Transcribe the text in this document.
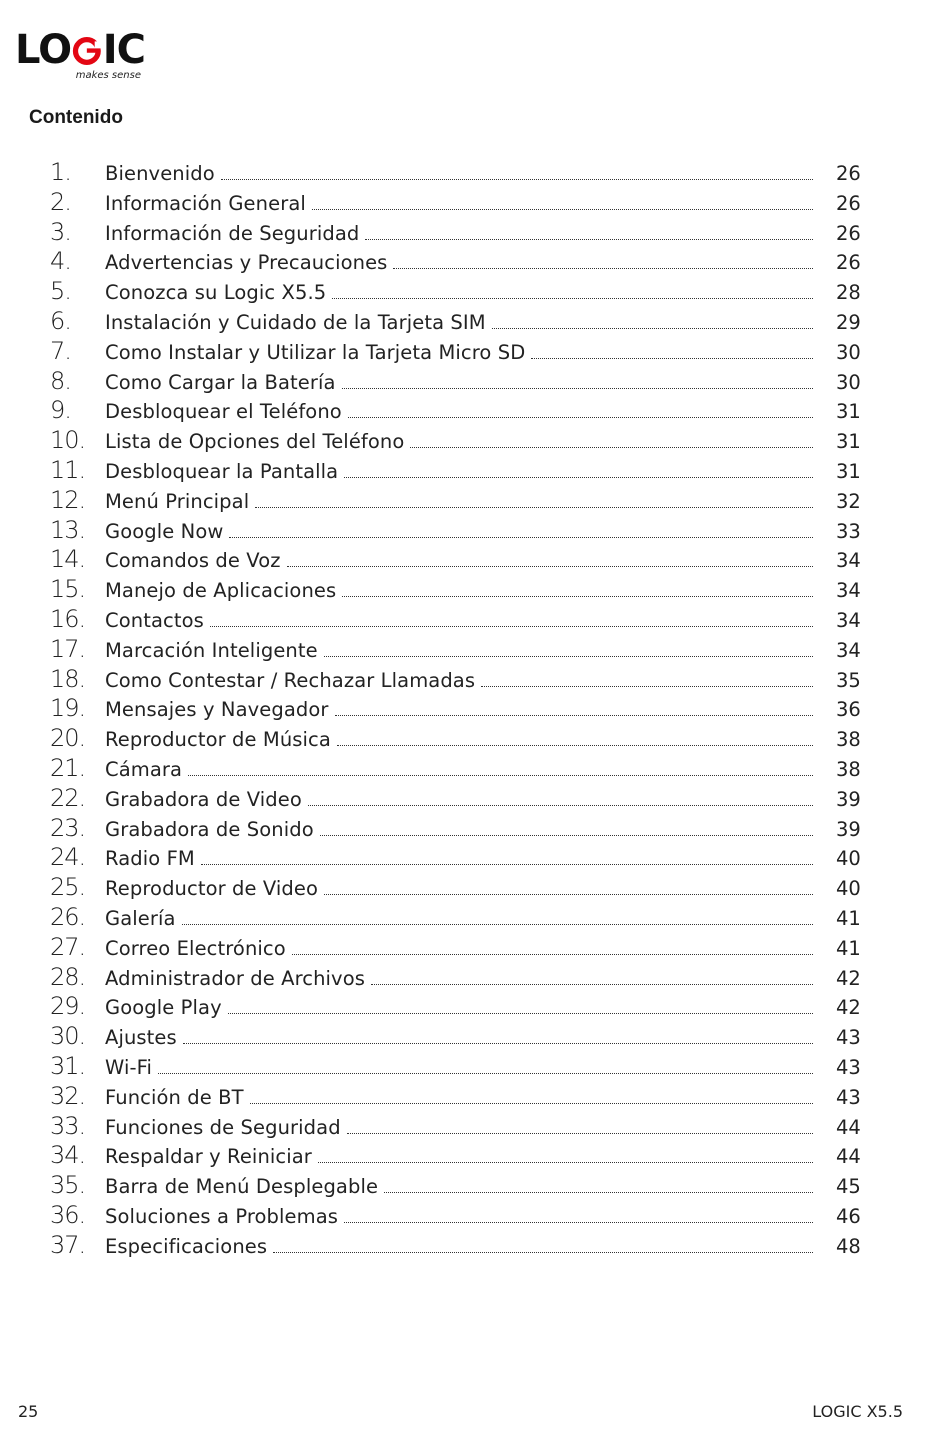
LO IC
makes sense
Contenido
1. Bienvenido	26
2. Información General	26
3. Información de Seguridad	26
4. Advertencias y Precauciones	26
5. Conozca su Logic X5.5	28
6. Instalación y Cuidado de la Tarjeta SIM	29
7. Como Instalar y Utilizar la Tarjeta Micro SD	30
8. Como Cargar la Batería	30
9. Desbloquear el Teléfono	31
10. Lista de Opciones del Teléfono	31
11. Desbloquear la Pantalla	31
12. Menú Principal	32
13. Google Now	33
14. Comandos de Voz	34
15. Manejo de Aplicaciones	34
16. Contactos	34
17. Marcación Inteligente	34
18. Como Contestar / Rechazar Llamadas	35
19. Mensajes y Navegador	36
20. Reproductor de Música	38
21. Cámara	38
22. Grabadora de Video	39
23. Grabadora de Sonido	39
24. Radio FM	40
25. Reproductor de Video	40
26. Galería	41
27. Correo Electrónico	41
28. Administrador de Archivos	42
29. Google Play	42
30. Ajustes	43
31. Wi-Fi	43
32. Función de BT	43
33. Funciones de Seguridad	44
34. Respaldar y Reiniciar	44
35. Barra de Menú Desplegable	45
36. Soluciones a Problemas	46
37. Especificaciones	48
25	LOGIC X5.5
